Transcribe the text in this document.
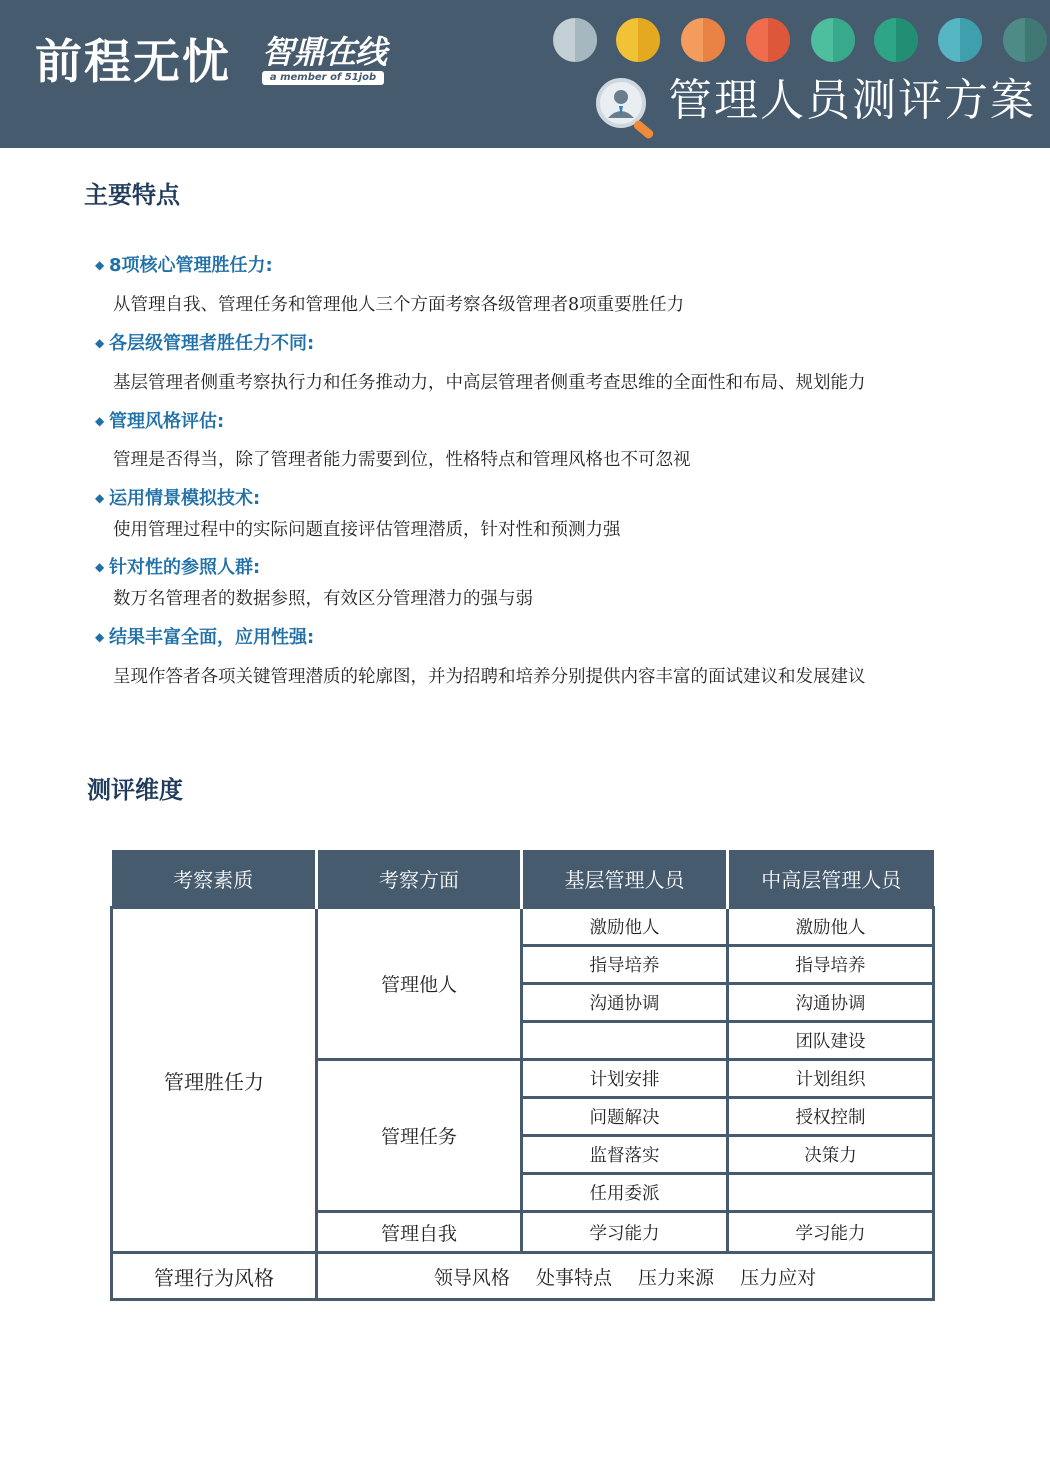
前程无忧 智鼎在线
a member of 51job	管理人员测评方案
主要特点
◆ 8项核心管理胜任力:
从管理自我、管理任务和管理他人三个方面考察各级管理者8项重要胜任力
◆ 各层级管理者胜任力不同:
基层管理者侧重考察执行力和任务推动力，中高层管理者侧重考查思维的全面性和布局、规划能力
◆ 管理风格评估:
管理是否得当，除了管理者能力需要到位，性格特点和管理风格也不可忽视
◆ 运用情景模拟技术:
使用管理过程中的实际问题直接评估管理潜质，针对性和预测力强
◆ 针对性的参照人群:
数万名管理者的数据参照，有效区分管理潜力的强与弱
◆ 结果丰富全面，应用性强:
呈现作答者各项关键管理潜质的轮廓图，并为招聘和培养分别提供内容丰富的面试建议和发展建议
测评维度
考察素质	考察方面	基层管理人员	中高层管理人员
管理胜任力	管理他人	激励他人	激励他人
		指导培养	指导培养
		沟通协调	沟通协调
			团队建设
	管理任务	计划安排	计划组织
		问题解决	授权控制
		监督落实	决策力
		任用委派	
	管理自我	学习能力	学习能力
管理行为风格	领导风格 处事特点 压力来源 压力应对		
